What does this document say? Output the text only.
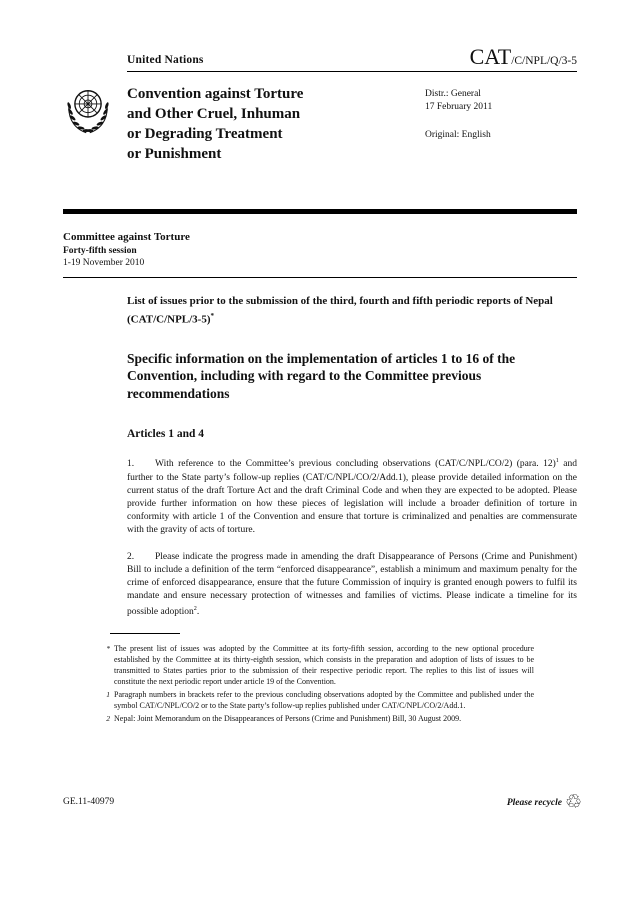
United Nations	CAT/C/NPL/Q/3-5
Convention against Torture
and Other Cruel, Inhuman
or Degrading Treatment
or Punishment
Distr.: General
17 February 2011
Original: English
Committee against Torture
Forty-fifth session
1-19 November 2010
List of issues prior to the submission of the third, fourth and fifth periodic reports of Nepal (CAT/C/NPL/3-5)*
Specific information on the implementation of articles 1 to 16 of the Convention, including with regard to the Committee previous recommendations
Articles 1 and 4

1. With reference to the Committee’s previous concluding observations (CAT/C/NPL/CO/2) (para. 12)$^1$ and further to the State party’s follow-up replies (CAT/C/NPL/CO/2/Add.1), please provide detailed information on the current status of the draft Torture Act and the draft Criminal Code and when they are expected to be adopted. Please provide further information on how these pieces of legislation will include a broader definition of torture in conformity with article 1 of the Convention and ensure that torture is criminalized and penalties are commensurate with the gravity of acts of torture.

2. Please indicate the progress made in amending the draft Disappearance of Persons (Crime and Punishment) Bill to include a definition of the term “enforced disappearance”, establish a minimum and maximum penalty for the crime of enforced disappearance, ensure that the future Commission of inquiry is granted enough powers to fulfil its mandate and ensure necessary protection of witnesses and families of victims. Please indicate a timeline for its possible adoption$^2$.

* The present list of issues was adopted by the Committee at its forty-fifth session, according to the new optional procedure established by the Committee at its thirty-eighth session, which consists in the preparation and adoption of lists of issues to be transmitted to States parties prior to the submission of their respective periodic report. The replies to this list of issues will constitute the next periodic report under article 19 of the Convention.
1 Paragraph numbers in brackets refer to the previous concluding observations adopted by the Committee and published under the symbol CAT/C/NPL/CO/2 or to the State party’s follow-up replies published under CAT/C/NPL/CO/2/Add.1.
2 Nepal: Joint Memorandum on the Disappearances of Persons (Crime and Punishment) Bill, 30 August 2009.
GE.11-40979	Please recycle ♲
